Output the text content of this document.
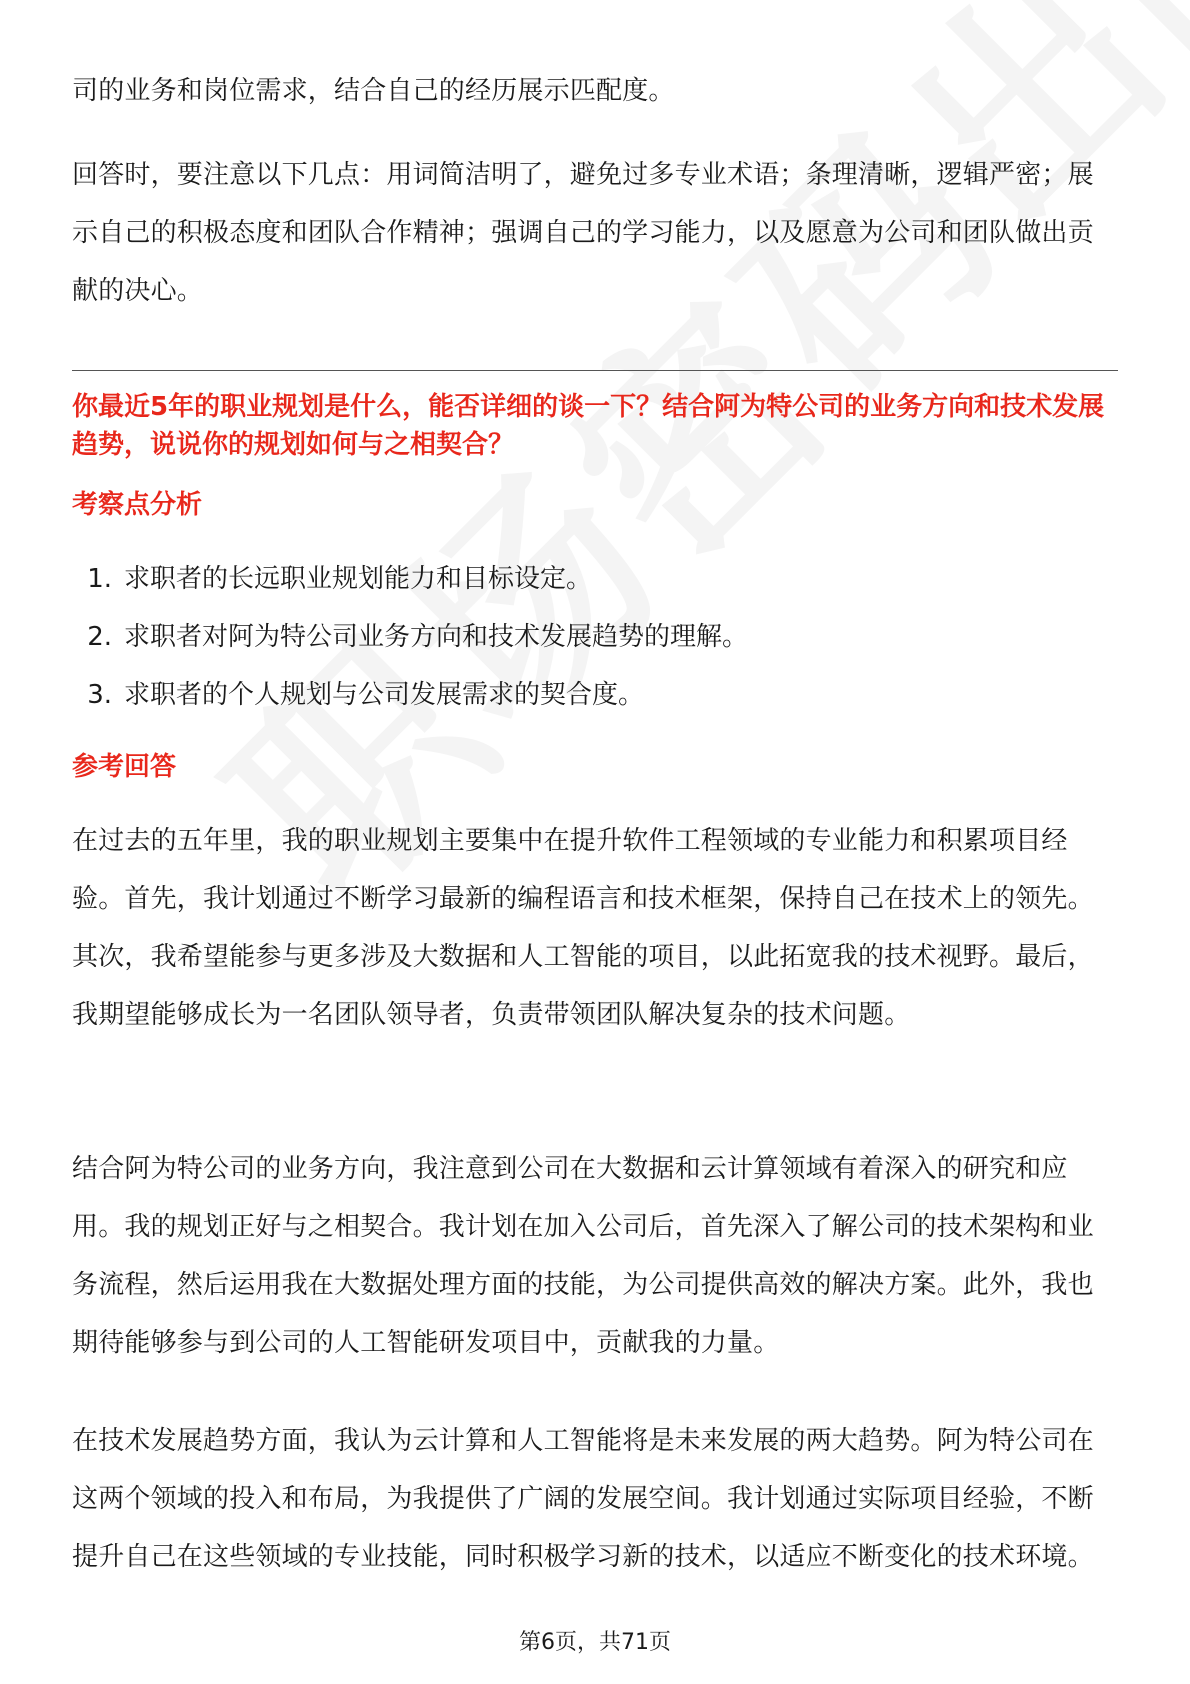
司的业务和岗位需求，结合自己的经历展示匹配度。

回答时，要注意以下几点：用词简洁明了，避免过多专业术语；条理清晰，逻辑严密；展示自己的积极态度和团队合作精神；强调自己的学习能力，以及愿意为公司和团队做出贡献的决心。

你最近5年的职业规划是什么，能否详细的谈一下？结合阿为特公司的业务方向和技术发展趋势，说说你的规划如何与之相契合？
考察点分析
1. 求职者的长远职业规划能力和目标设定。
2. 求职者对阿为特公司业务方向和技术发展趋势的理解。
3. 求职者的个人规划与公司发展需求的契合度。
参考回答

在过去的五年里，我的职业规划主要集中在提升软件工程领域的专业能力和积累项目经验。首先，我计划通过不断学习最新的编程语言和技术框架，保持自己在技术上的领先。其次，我希望能参与更多涉及大数据和人工智能的项目，以此拓宽我的技术视野。最后，我期望能够成长为一名团队领导者，负责带领团队解决复杂的技术问题。

结合阿为特公司的业务方向，我注意到公司在大数据和云计算领域有着深入的研究和应用。我的规划正好与之相契合。我计划在加入公司后，首先深入了解公司的技术架构和业务流程，然后运用我在大数据处理方面的技能，为公司提供高效的解决方案。此外，我也期待能够参与到公司的人工智能研发项目中，贡献我的力量。

在技术发展趋势方面，我认为云计算和人工智能将是未来发展的两大趋势。阿为特公司在这两个领域的投入和布局，为我提供了广阔的发展空间。我计划通过实际项目经验，不断提升自己在这些领域的专业技能，同时积极学习新的技术，以适应不断变化的技术环境。

第6页，共71页
